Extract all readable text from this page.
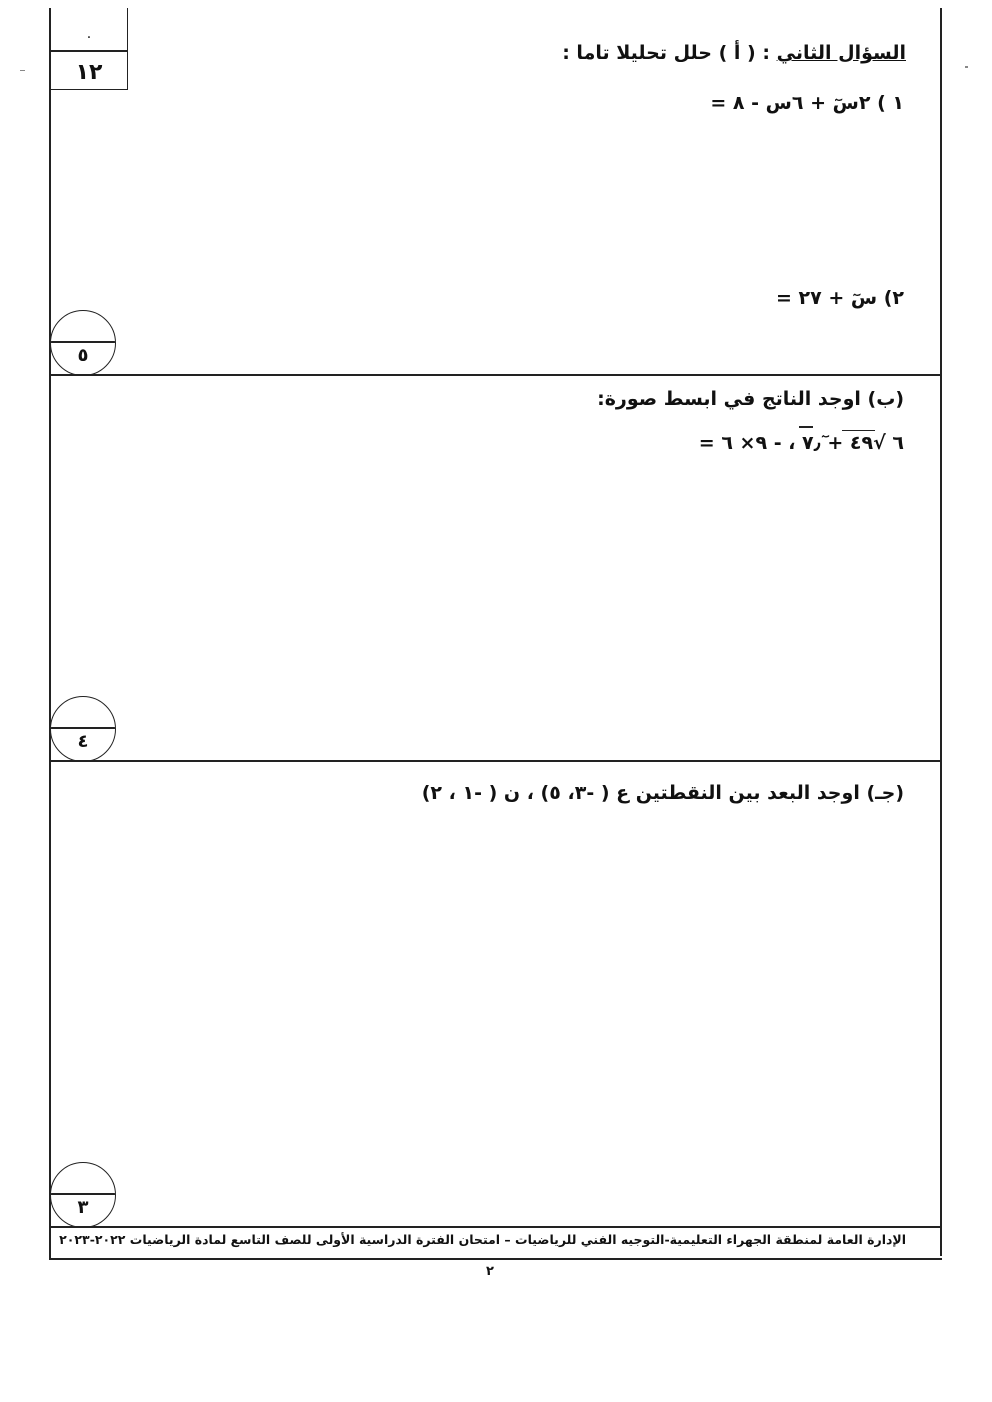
.
١٢
السؤال الثاني : ( أ ) حلل تحليلا تاما :
١ ) ٢سٓ + ٦س - ٨ =
٢) سٓ + ٢٧ =
٥
(ب) اوجد الناتج في ابسط صورة:
٦ √٤٩ + ٧٫ٓ ، - ٩× ٦ =
٤
(جـ) اوجد البعد بين النقطتين ع ( -٣، ٥) ، ن ( -١ ، ٢)
٣
الإدارة العامة لمنطقة الجهراء التعليمية-التوجيه الفني للرياضيات – امتحان الفترة الدراسية الأولى للصف التاسع لمادة الرياضيات ٢٠٢٢-٢٠٢٣
٢
